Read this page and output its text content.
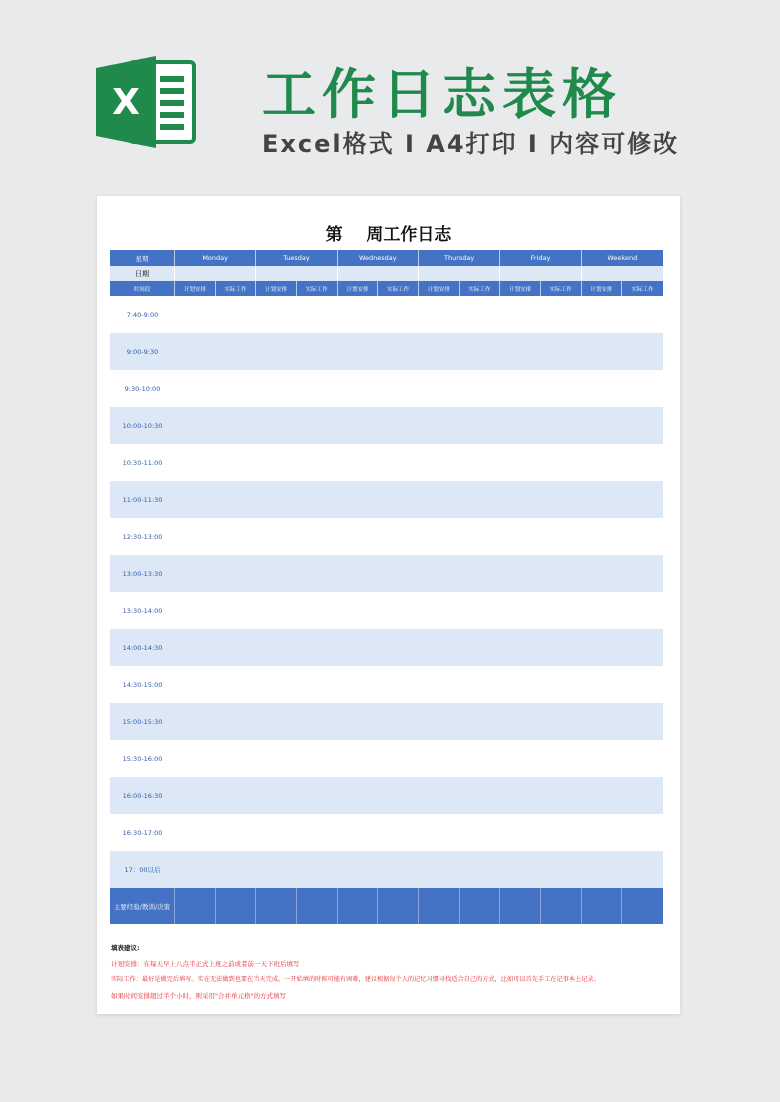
X 工作日志表格
Excel格式 I A4打印 I 内容可修改
第    周工作日志
星期	Monday	Tuesday	Wednesday	Thursday	Friday	Weekend
日期
时间段	计划安排	实际工作	计划安排	实际工作	计划安排	实际工作	计划安排	实际工作	计划安排	实际工作	计划安排	实际工作
7:40-9:00
9:00-9:30
9:30-10:00
10:00-10:30
10:30-11:00
11:00-11:30
12:30-13:00
13:00-13:30
13:30-14:00
14:00-14:30
14:30-15:00
15:00-15:30
15:30-16:00
16:00-16:30
16:30-17:00
17：00以后
主要经验/教训/决策
填表建议:
计划安排：在每天早上八点半正式上班之前或者前一天下班后填写
实际工作：最好是做完后填写。实在无法做到也要在当天完成。一开始填的时候可能有困难，建议根据每个人的记忆习惯寻找适合自己的方式，比如可以首先手工在记事本上记录。
如果时间安排超过半个小时，则采用"合并单元格"的方式填写
